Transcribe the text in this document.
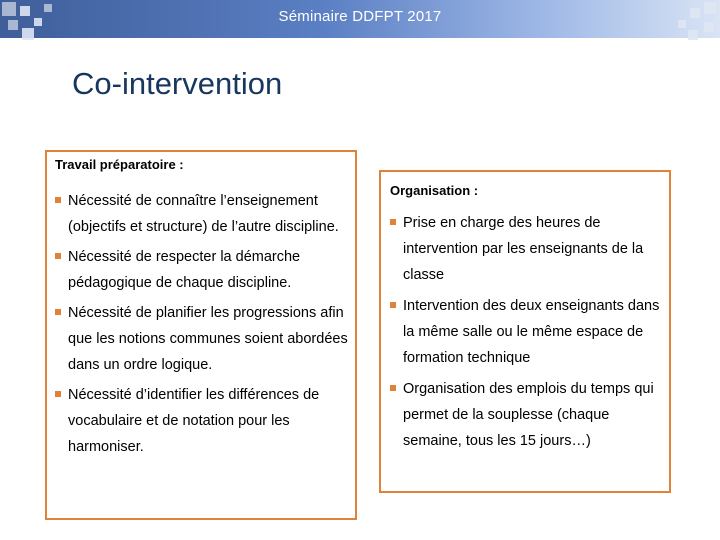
Séminaire DDFPT 2017
Co-intervention
Travail préparatoire :
Nécessité de connaître l’enseignement (objectifs et structure) de l’autre discipline.
Nécessité de respecter la démarche pédagogique de chaque discipline.
Nécessité de planifier les progressions afin que les notions communes soient abordées dans un ordre logique.
Nécessité d’identifier les différences de vocabulaire et de notation pour les harmoniser.
Organisation :
Prise en charge des heures de intervention par les enseignants de la classe
Intervention des deux enseignants dans la même salle ou le même espace de formation technique
Organisation des emplois du temps qui permet de la souplesse (chaque semaine, tous les 15 jours…)
